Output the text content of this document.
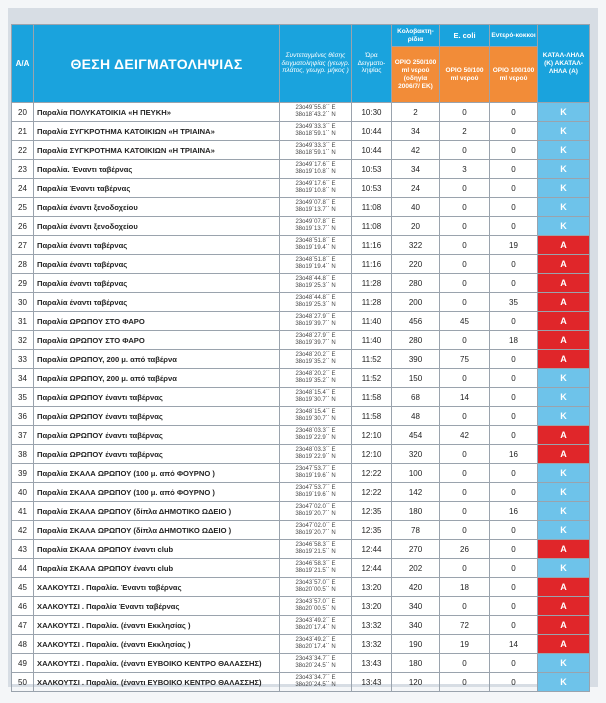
Α/Α	ΘΕΣΗ ΔΕΙΓΜΑΤΟΛΗΨΙΑΣ	Συντεταγμένες θέσης δειγματοληψίας (γεωγρ. πλάτος, γεωγρ. μήκος )	Ώρα Δειγματο-ληψίας	Κολοβακτη-ρίδια	E. coli	Εντερό-κοκκοι	ΚΑΤΑΛ-ΛΗΛΑ (Κ) ΑΚΑΤΑΛ-ΛΗΛΑ (Α)
				ΟΡΙΟ 250/100 ml νερού (οδηγία 2006/7/ ΕΚ)	ΟΡΙΟ 50/100 ml νερού	ΟΡΙΟ 100/100 ml νερού	
20	Παραλία ΠΟΛΥΚΑΤΟΙΚΙΑ «Η ΠΕΥΚΗ»	23o49΄55.8΄΄ Ε
38o18΄43.2΄΄ Ν	10:30	2	0	0	Κ
21	Παραλία ΣΥΓΚΡΟΤΗΜΑ ΚΑΤΟΙΚΙΩΝ «Η ΤΡΙΑΙΝΑ»	23o49΄33.3΄΄ Ε
38o18΄59.1΄΄ Ν	10:44	34	2	0	Κ
22	Παραλία ΣΥΓΚΡΟΤΗΜΑ ΚΑΤΟΙΚΙΩΝ «Η ΤΡΙΑΙΝΑ»	23o49΄33.3΄΄ Ε
38o18΄59.1΄΄ Ν	10:44	42	0	0	Κ
23	Παραλία. Έναντι ταβέρνας	23o49΄17.6΄΄ Ε
38o19΄10.8΄΄ Ν	10:53	34	3	0	Κ
24	Παραλία Έναντι ταβέρνας	23o49΄17.6΄΄ Ε
38o19΄10.8΄΄ Ν	10:53	24	0	0	Κ
25	Παραλία έναντι ξενοδοχείου	23o49΄07.8΄΄ Ε
38o19΄13.7΄΄ Ν	11:08	40	0	0	Κ
26	Παραλία έναντι ξενοδοχείου	23o49΄07.8΄΄ Ε
38o19΄13.7΄΄ Ν	11:08	20	0	0	Κ
27	Παραλία έναντι ταβέρνας	23o48΄51.8΄΄ Ε
38o19΄19.4΄΄ Ν	11:16	322	0	19	Α
28	Παραλία έναντι ταβέρνας	23o48΄51.8΄΄ Ε
38o19΄19.4΄΄ Ν	11:16	220	0	0	Α
29	Παραλία έναντι ταβέρνας	23o48΄44.8΄΄ Ε
38o19΄25.3΄΄ Ν	11:28	280	0	0	Α
30	Παραλία έναντι ταβέρνας	23o48΄44.8΄΄ Ε
38o19΄25.3΄΄ Ν	11:28	200	0	35	Α
31	Παραλία ΩΡΩΠΟΥ ΣΤΟ ΦΑΡΟ	23o48΄27.9΄΄ Ε
38o19΄39.7΄΄ Ν	11:40	456	45	0	Α
32	Παραλία ΩΡΩΠΟΥ ΣΤΟ ΦΑΡΟ	23o48΄27.9΄΄ Ε
38o19΄39.7΄΄ Ν	11:40	280	0	18	Α
33	Παραλία ΩΡΩΠΟΥ, 200 μ. από ταβέρνα	23o48΄20.2΄΄ Ε
38o19΄35.2΄΄ Ν	11:52	390	75	0	Α
34	Παραλία ΩΡΩΠΟΥ, 200 μ. από ταβέρνα	23o48΄20.2΄΄ Ε
38o19΄35.2΄΄ Ν	11:52	150	0	0	Κ
35	Παραλία ΩΡΩΠΟΥ έναντι ταβέρνας	23o48΄15.4΄΄ Ε
38o19΄30.7΄΄ Ν	11:58	68	14	0	Κ
36	Παραλία ΩΡΩΠΟΥ έναντι ταβέρνας	23o48΄15.4΄΄ Ε
38o19΄30.7΄΄ Ν	11:58	48	0	0	Κ
37	Παραλία ΩΡΩΠΟΥ έναντι ταβέρνας	23o48΄03.3΄΄ Ε
38o19΄22.9΄΄ Ν	12:10	454	42	0	Α
38	Παραλία ΩΡΩΠΟΥ έναντι ταβέρνας	23o48΄03.3΄΄ Ε
38o19΄22.9΄΄ Ν	12:10	320	0	16	Α
39	Παραλία ΣΚΑΛΑ ΩΡΩΠΟΥ (100 μ. από ΦΟΥΡΝΟ )	23o47΄53.7΄΄ Ε
38o19΄19.6΄΄ Ν	12:22	100	0	0	Κ
40	Παραλία ΣΚΑΛΑ ΩΡΩΠΟΥ (100 μ. από ΦΟΥΡΝΟ )	23o47΄53.7΄΄ Ε
38o19΄19.6΄΄ Ν	12:22	142	0	0	Κ
41	Παραλία ΣΚΑΛΑ ΩΡΩΠΟΥ (δίπλα ΔΗΜΟΤΙΚΟ ΩΔΕΙΟ )	23o47΄02.0΄΄ Ε
38o19΄20.7΄΄ Ν	12:35	180	0	16	Κ
42	Παραλία ΣΚΑΛΑ ΩΡΩΠΟΥ (δίπλα ΔΗΜΟΤΙΚΟ ΩΔΕΙΟ )	23o47΄02.0΄΄ Ε
38o19΄20.7΄΄ Ν	12:35	78	0	0	Κ
43	Παραλία ΣΚΑΛΑ ΩΡΩΠΟΥ έναντι club	23o46΄58.3΄΄ Ε
38o19΄21.5΄΄ Ν	12:44	270	26	0	Α
44	Παραλία ΣΚΑΛΑ ΩΡΩΠΟΥ έναντι club	23o46΄58.3΄΄ Ε
38o19΄21.5΄΄ Ν	12:44	202	0	0	Κ
45	ΧΑΛΚΟΥΤΣΙ . Παραλία. Έναντι ταβέρνας	23o43΄57.0΄΄ Ε
38o20΄00.5΄΄ Ν	13:20	420	18	0	Α
46	ΧΑΛΚΟΥΤΣΙ . Παραλία Έναντι ταβέρνας	23o43΄57.0΄΄ Ε
38o20΄00.5΄΄ Ν	13:20	340	0	0	Α
47	ΧΑΛΚΟΥΤΣΙ . Παραλία. (έναντι Εκκλησίας )	23o43΄49.2΄΄ Ε
38o20΄17.4΄΄ Ν	13:32	340	72	0	Α
48	ΧΑΛΚΟΥΤΣΙ . Παραλία. (έναντι Εκκλησίας )	23o43΄49.2΄΄ Ε
38o20΄17.4΄΄ Ν	13:32	190	19	14	Α
49	ΧΑΛΚΟΥΤΣΙ . Παραλία. (έναντι ΕΥΒΟΙΚΟ ΚΕΝΤΡΟ ΘΑΛΑΣΣΗΣ)	23o43΄34.7΄΄ Ε
38o20΄24.5΄΄ Ν	13:43	180	0	0	Κ
50	ΧΑΛΚΟΥΤΣΙ . Παραλία. (έναντι ΕΥΒΟΙΚΟ ΚΕΝΤΡΟ ΘΑΛΑΣΣΗΣ)	23o43΄34.7΄΄ Ε
38o20΄24.5΄΄ Ν	13:43	120	0	0	Κ
